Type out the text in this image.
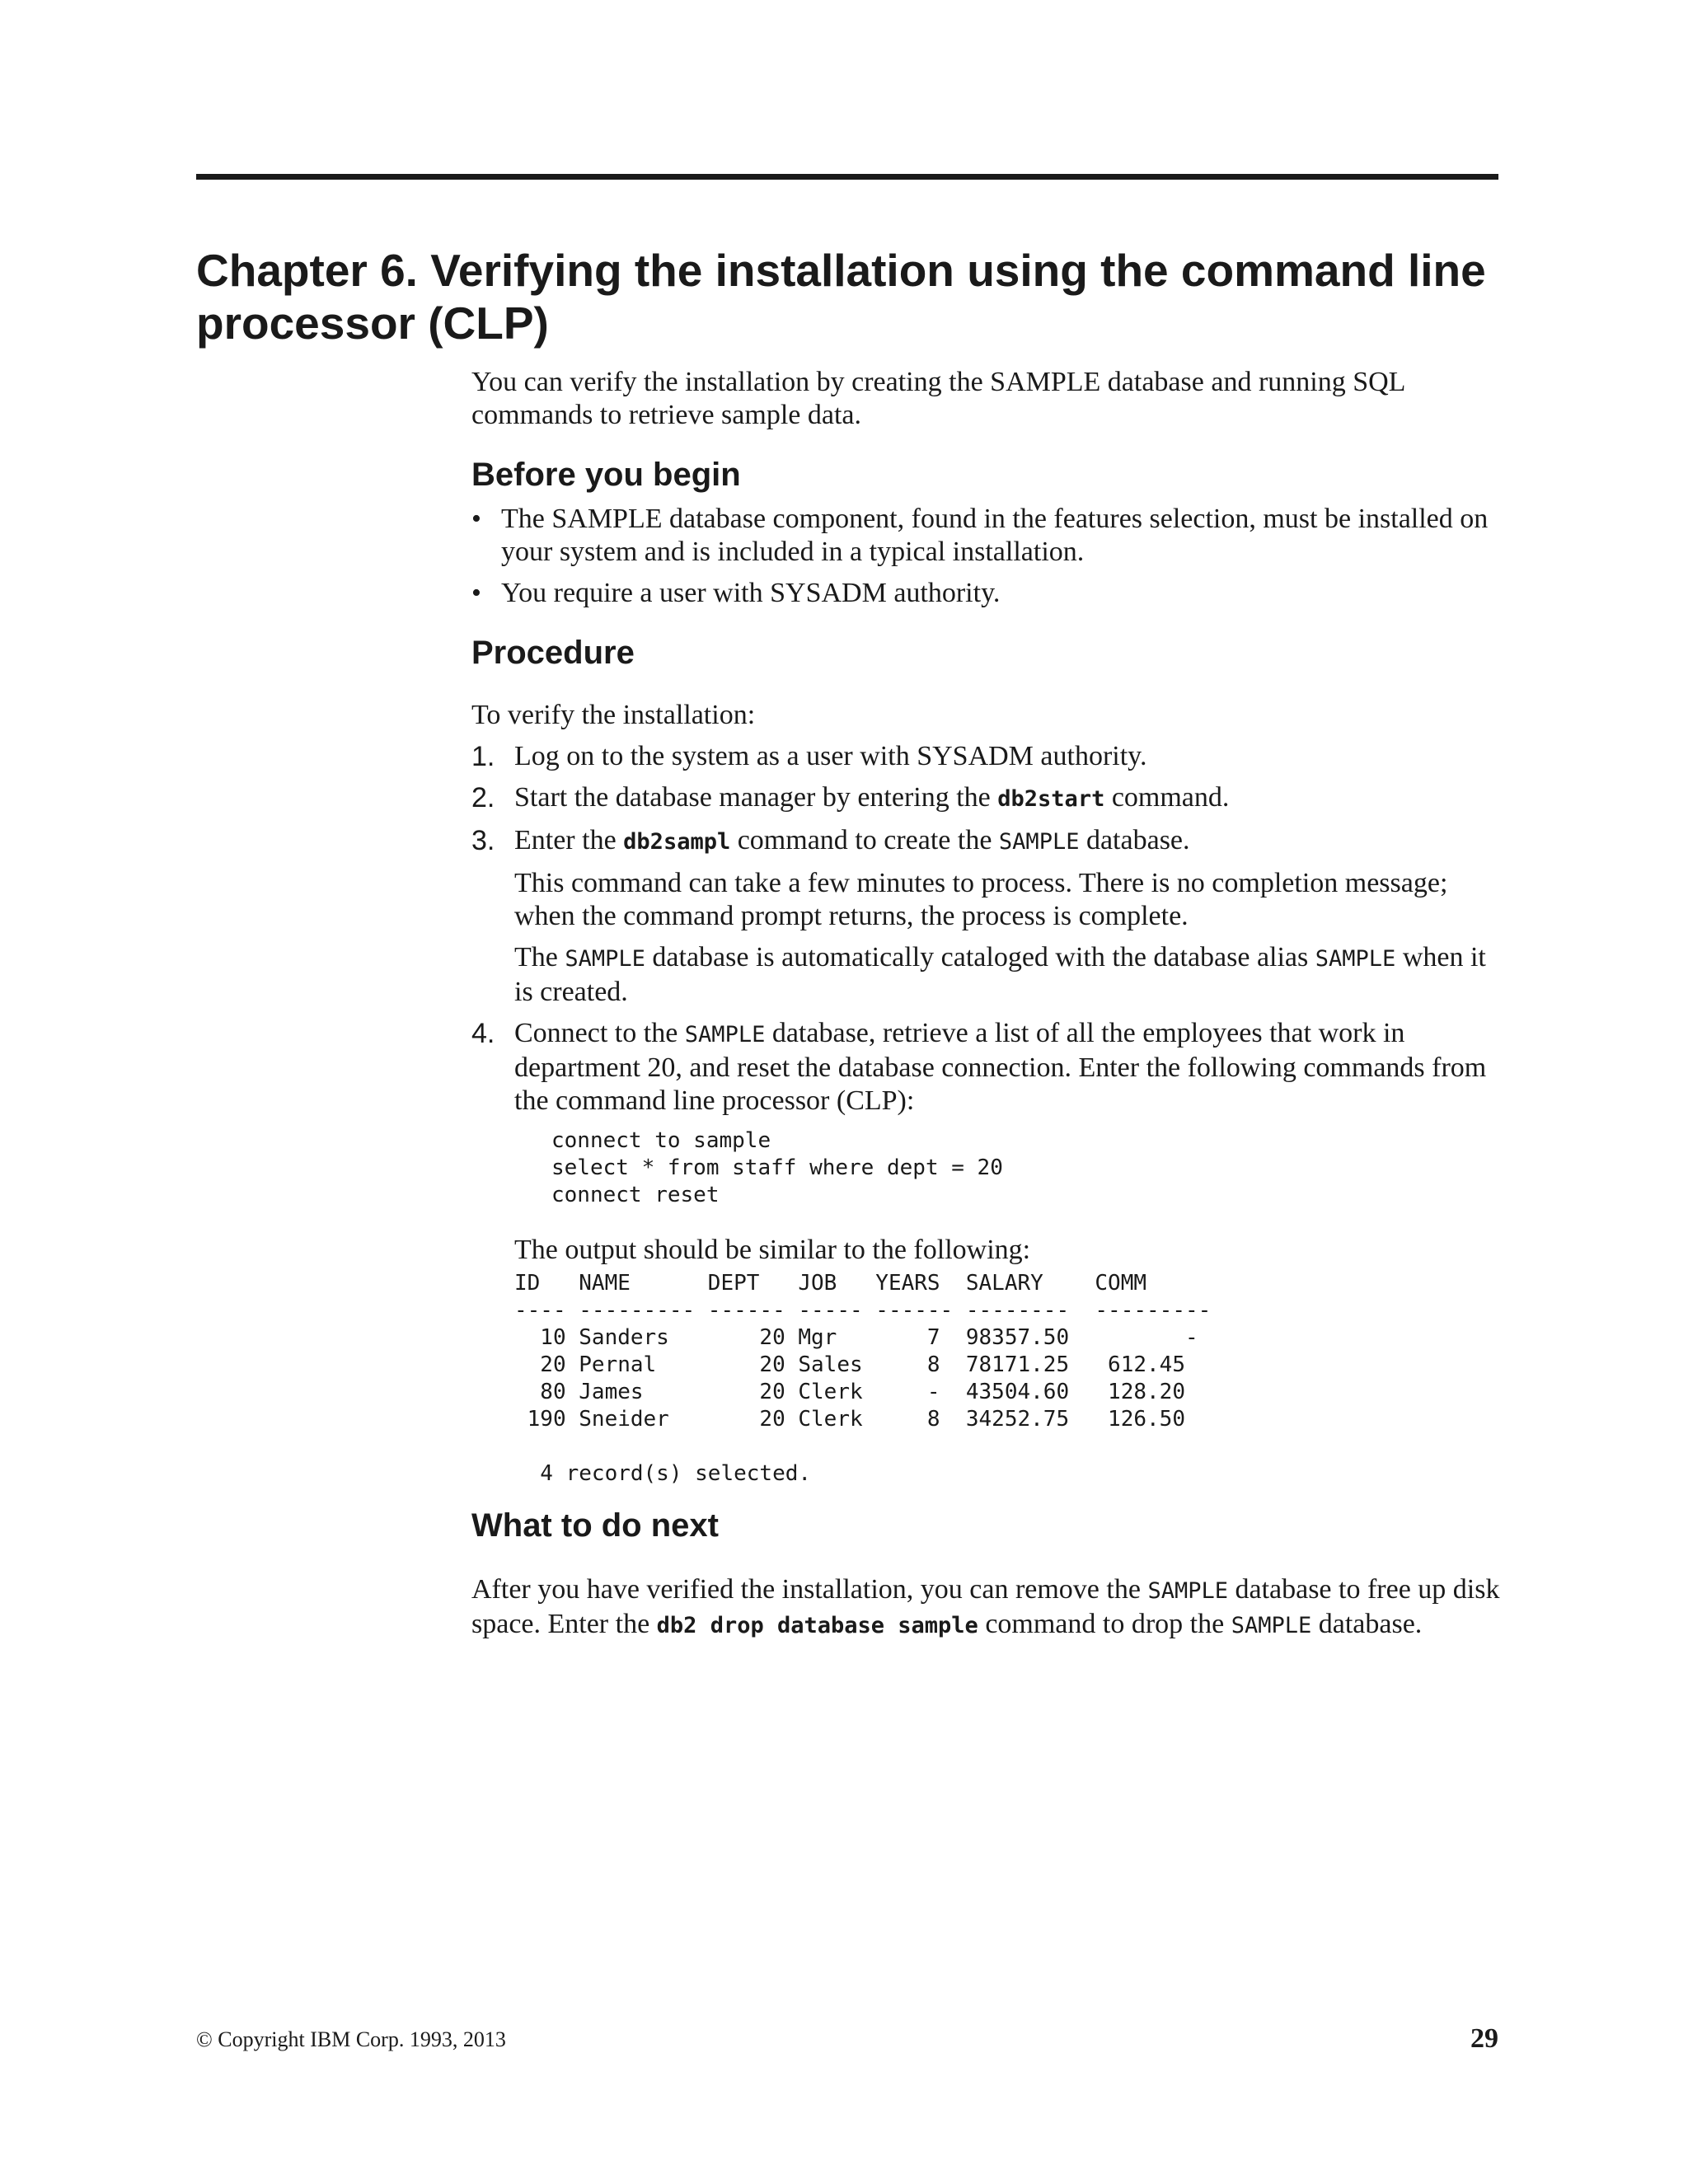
Chapter 6. Verifying the installation using the command line processor (CLP)

You can verify the installation by creating the SAMPLE database and running SQL commands to retrieve sample data.

Before you begin
• The SAMPLE database component, found in the features selection, must be installed on your system and is included in a typical installation.
• You require a user with SYSADM authority.
Procedure

To verify the installation:

1. Log on to the system as a user with SYSADM authority.
2. Start the database manager by entering the db2start command.
3. Enter the db2sampl command to create the SAMPLE database.

This command can take a few minutes to process. There is no completion message; when the command prompt returns, the process is complete.

The SAMPLE database is automatically cataloged with the database alias SAMPLE when it is created.

4. Connect to the SAMPLE database, retrieve a list of all the employees that work in department 20, and reset the database connection. Enter the following commands from the command line processor (CLP):
connect to sample
select * from staff where dept = 20
connect reset

The output should be similar to the following:

ID   NAME      DEPT   JOB   YEARS  SALARY    COMM
---- --------- ------ ----- ------ --------  ---------
10 Sanders       20 Mgr       7  98357.50         -
20 Pernal        20 Sales     8  78171.25   612.45
80 James         20 Clerk     -  43504.60   128.20
190 Sneider       20 Clerk     8  34252.75   126.50

4 record(s) selected.
What to do next

After you have verified the installation, you can remove the SAMPLE database to free up disk space. Enter the db2 drop database sample command to drop the SAMPLE database.

© Copyright IBM Corp. 1993, 2013	29
